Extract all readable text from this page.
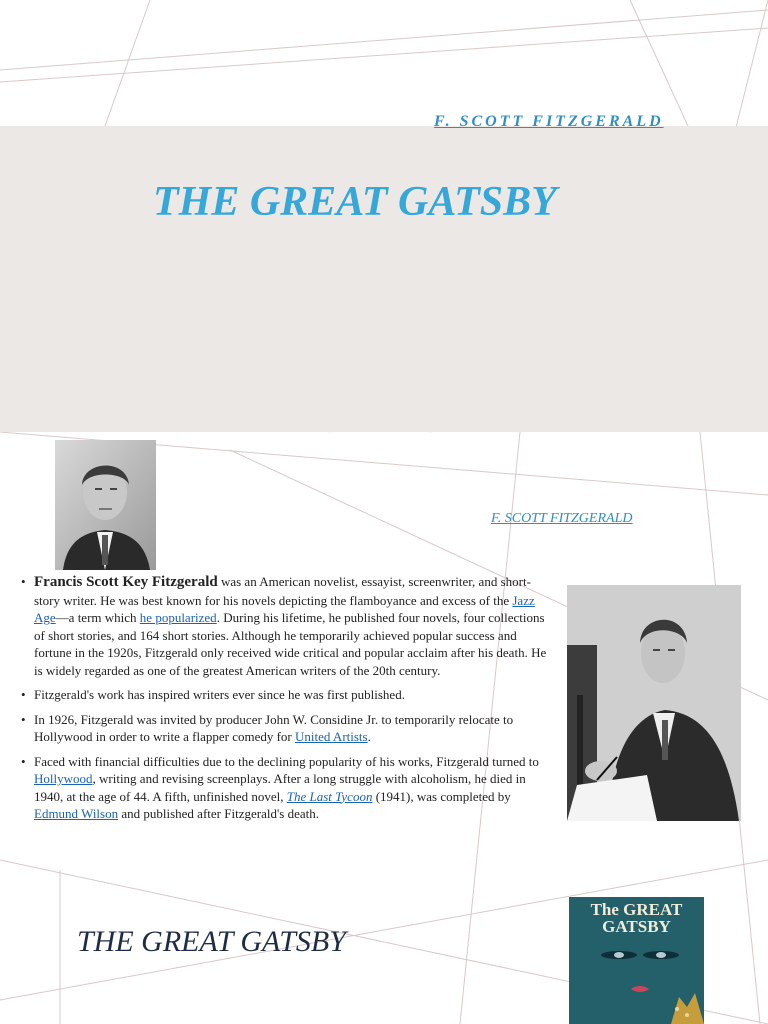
F. SCOTT FITZGERALD
THE GREAT GATSBY
F. SCOTT FITZGERALD
• Francis Scott Key Fitzgerald was an American novelist, essayist, screenwriter, and short-story writer. He was best known for his novels depicting the flamboyance and excess of the Jazz Age—a term which he popularized. During his lifetime, he published four novels, four collections of short stories, and 164 short stories. Although he temporarily achieved popular success and fortune in the 1920s, Fitzgerald only received wide critical and popular acclaim after his death. He is widely regarded as one of the greatest American writers of the 20th century.
• Fitzgerald's work has inspired writers ever since he was first published.
• In 1926, Fitzgerald was invited by producer John W. Considine Jr. to temporarily relocate to Hollywood in order to write a flapper comedy for United Artists.
• Faced with financial difficulties due to the declining popularity of his works, Fitzgerald turned to Hollywood, writing and revising screenplays. After a long struggle with alcoholism, he died in 1940, at the age of 44. A fifth, unfinished novel, The Last Tycoon (1941), was completed by Edmund Wilson and published after Fitzgerald's death.
THE GREAT GATSBY
The GREAT
GATSBY
